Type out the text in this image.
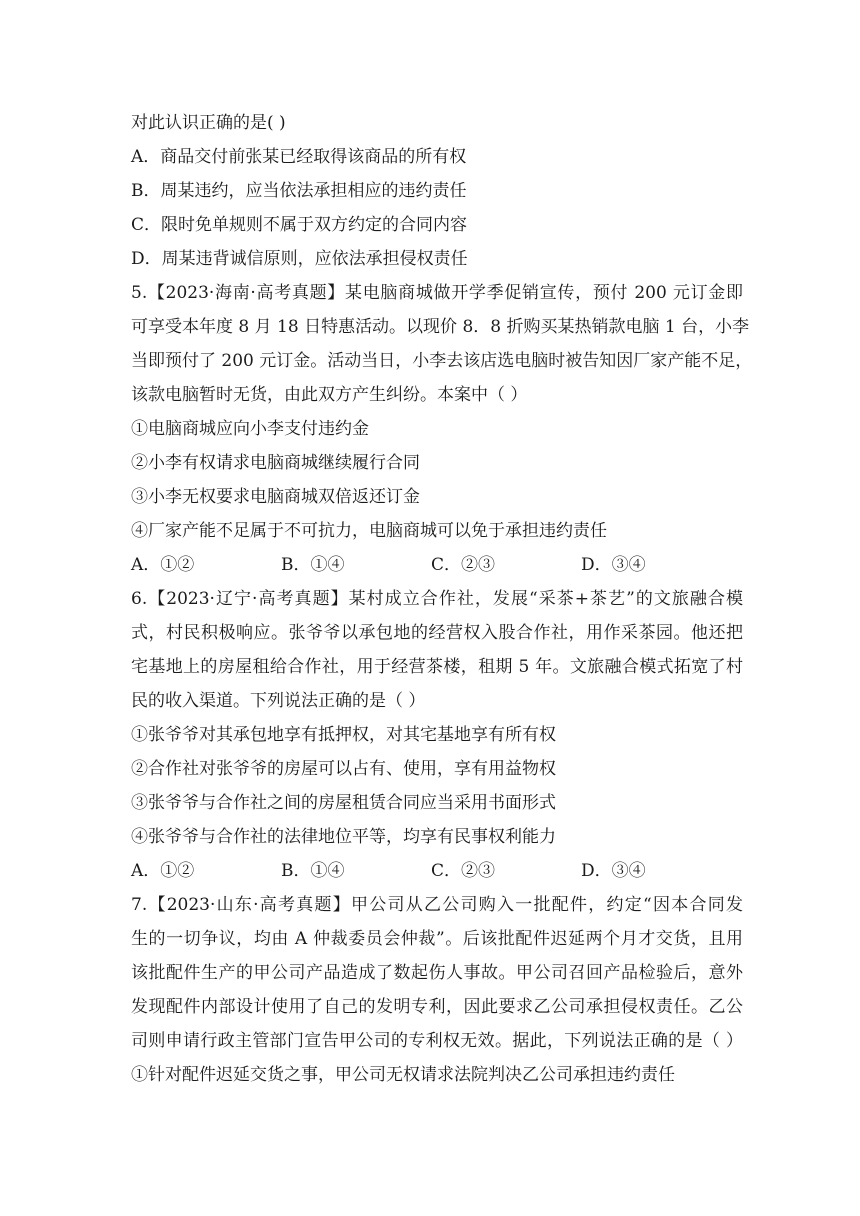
对此认识正确的是( )
A．商品交付前张某已经取得该商品的所有权
B．周某违约，应当依法承担相应的违约责任
C．限时免单规则不属于双方约定的合同内容
D．周某违背诚信原则，应依法承担侵权责任
5.【2023·海南·高考真题】某电脑商城做开学季促销宣传，预付 200 元订金即
可享受本年度 8 月 18 日特惠活动。以现价 8．8 折购买某热销款电脑 1 台，小李
当即预付了 200 元订金。活动当日，小李去该店选电脑时被告知因厂家产能不足，
该款电脑暂时无货，由此双方产生纠纷。本案中（ ）
①电脑商城应向小李支付违约金
②小李有权请求电脑商城继续履行合同
③小李无权要求电脑商城双倍返还订金
④厂家产能不足属于不可抗力，电脑商城可以免于承担违约责任
A．①②	B．①④	C．②③	D．③④
6.【2023·辽宁·高考真题】某村成立合作社，发展“采茶+茶艺”的文旅融合模
式，村民积极响应。张爷爷以承包地的经营权入股合作社，用作采茶园。他还把
宅基地上的房屋租给合作社，用于经营茶楼，租期 5 年。文旅融合模式拓宽了村
民的收入渠道。下列说法正确的是（ ）
①张爷爷对其承包地享有抵押权，对其宅基地享有所有权
②合作社对张爷爷的房屋可以占有、使用，享有用益物权
③张爷爷与合作社之间的房屋租赁合同应当采用书面形式
④张爷爷与合作社的法律地位平等，均享有民事权利能力
A．①②	B．①④	C．②③	D．③④
7.【2023·山东·高考真题】甲公司从乙公司购入一批配件，约定“因本合同发
生的一切争议，均由 A 仲裁委员会仲裁”。后该批配件迟延两个月才交货，且用
该批配件生产的甲公司产品造成了数起伤人事故。甲公司召回产品检验后，意外
发现配件内部设计使用了自己的发明专利，因此要求乙公司承担侵权责任。乙公
司则申请行政主管部门宣告甲公司的专利权无效。据此，下列说法正确的是（ ）
①针对配件迟延交货之事，甲公司无权请求法院判决乙公司承担违约责任
